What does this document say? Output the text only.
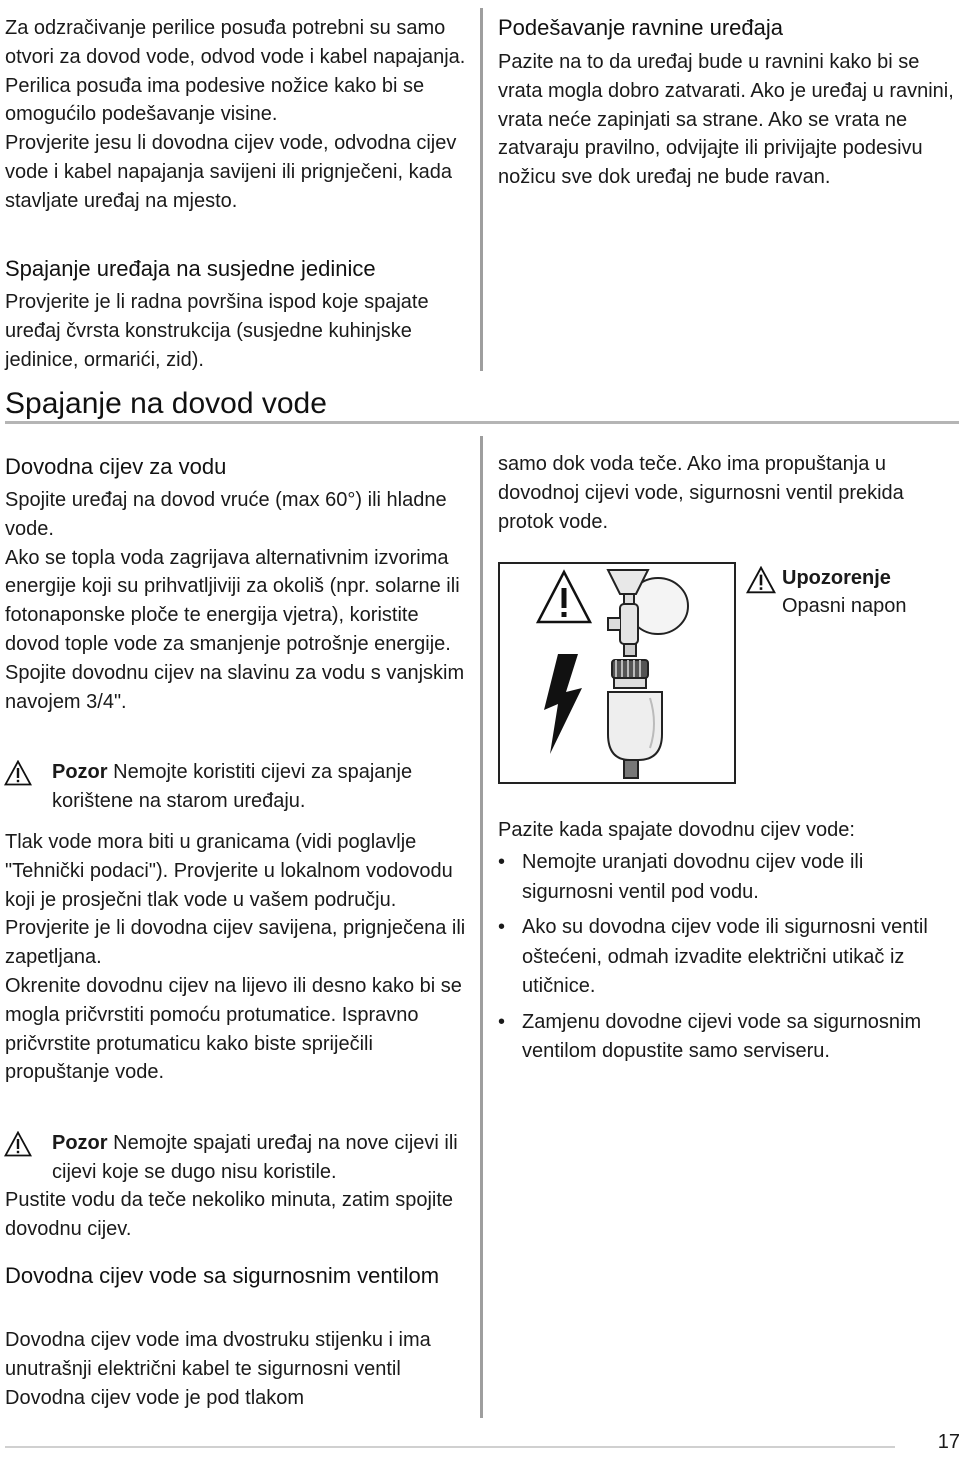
Za odzračivanje perilice posuđa potrebni su samo otvori za dovod vode, odvod vode i kabel napajanja.
Perilica posuđa ima podesive nožice kako bi se omogućilo podešavanje visine.
Provjerite jesu li dovodna cijev vode, odvodna cijev vode i kabel napajanja savijeni ili prignječeni, kada stavljate uređaj na mjesto.

Spajanje uređaja na susjedne jedinice

Provjerite je li radna površina ispod koje spajate uređaj čvrsta konstrukcija (susjedne kuhinjske jedinice, ormarići, zid).

Spajanje na dovod vode
Dovodna cijev za vodu

Spojite uređaj na dovod vruće (max 60°) ili hladne vode.
Ako se topla voda zagrijava alternativnim izvorima energije koji su prihvatljiviji za okoliš (npr. solarne ili fotonaponske ploče te energija vjetra), koristite dovod tople vode za smanjenje potrošnje energije.
Spojite dovodnu cijev na slavinu za vodu s vanjskim navojem 3/4".

Pozor Nemojte koristiti cijevi za spajanje korištene na starom uređaju.

Tlak vode mora biti u granicama (vidi poglavlje "Tehnički podaci"). Provjerite u lokalnom vodovodu koji je prosječni tlak vode u vašem području.
Provjerite je li dovodna cijev savijena, prignječena ili zapetljana.
Okrenite dovodnu cijev na lijevo ili desno kako bi se mogla pričvrstiti pomoću protumatice. Ispravno pričvrstite protumaticu kako biste spriječili propuštanje vode.

Pozor Nemojte spajati uređaj na nove cijevi ili cijevi koje se dugo nisu koristile.

Pustite vodu da teče nekoliko minuta, zatim spojite dovodnu cijev.

Dovodna cijev vode sa sigurnosnim ventilom

Dovodna cijev vode ima dvostruku stijenku i ima unutrašnji električni kabel te sigurnosni ventil Dovodna cijev vode je pod tlakom

Podešavanje ravnine uređaja

Pazite na to da uređaj bude u ravnini kako bi se vrata mogla dobro zatvarati. Ako je uređaj u ravnini, vrata neće zapinjati sa strane. Ako se vrata ne zatvaraju pravilno, odvijajte ili privijajte podesivu nožicu sve dok uređaj ne bude ravan.

samo dok voda teče. Ako ima propuštanja u dovodnoj cijevi vode, sigurnosni ventil prekida protok vode.

Upozorenje

Opasni napon

Pazite kada spajate dovodnu cijev vode:

• Nemojte uranjati dovodnu cijev vode ili sigurnosni ventil pod vodu.
• Ako su dovodna cijev vode ili sigurnosni ventil oštećeni, odmah izvadite električni utikač iz utičnice.
• Zamjenu dovodne cijevi vode sa sigurnosnim ventilom dopustite samo serviseru.
17
